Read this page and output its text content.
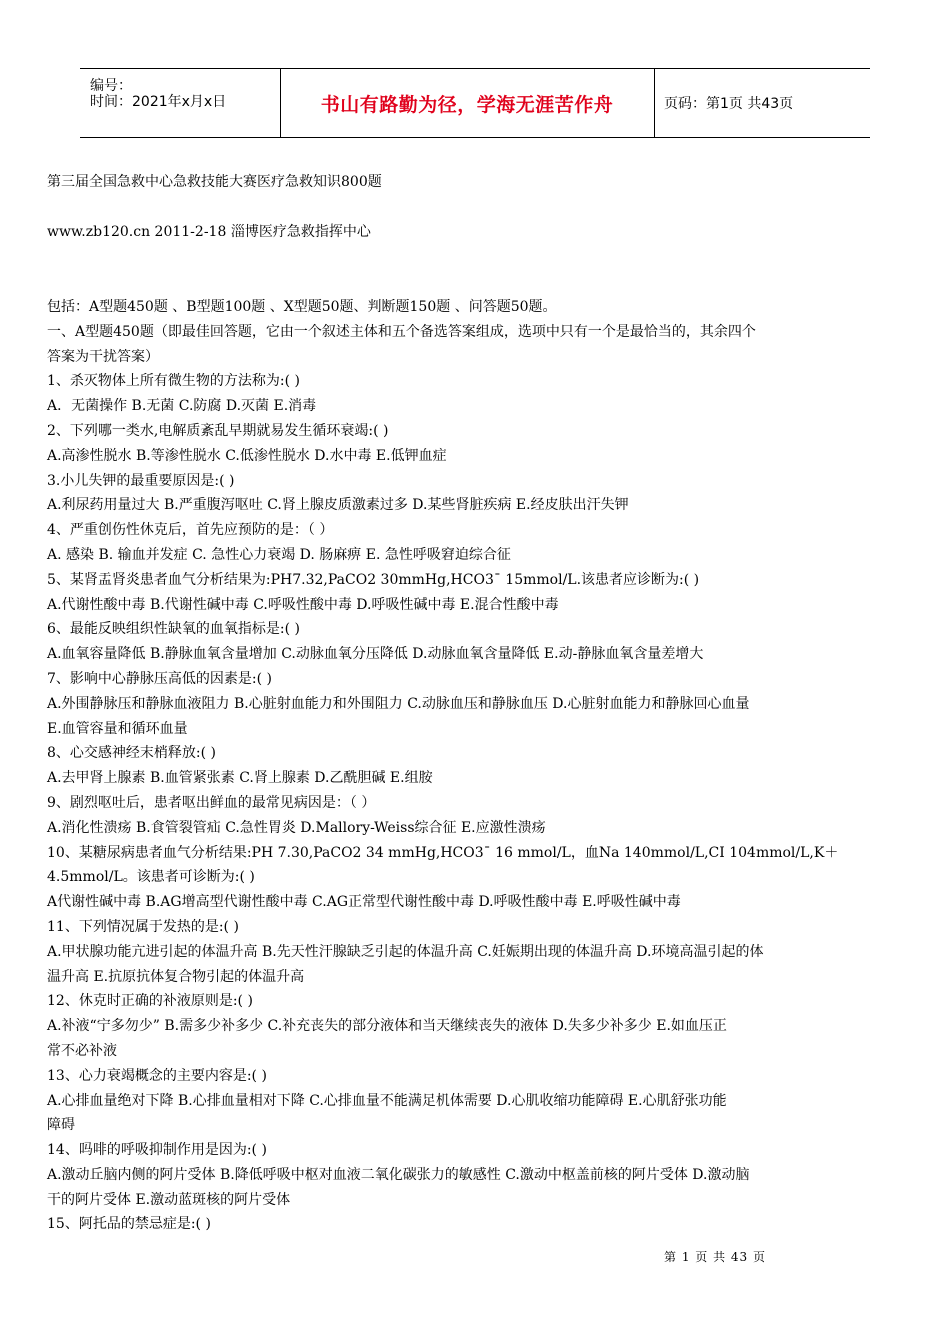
编号：
时间：2021年x月x日	书山有路勤为径，学海无涯苦作舟	页码：第1页 共43页
第三届全国急救中心急救技能大赛医疗急救知识800题
www.zb120.cn 2011-2-18 淄博医疗急救指挥中心

包括：A型题450题 、B型题100题 、X型题50题、判断题150题 、问答题50题。

一、A型题450题（即最佳回答题，它由一个叙述主体和五个备选答案组成，选项中只有一个是最恰当的，其余四个

答案为干扰答案）

1、杀灭物体上所有微生物的方法称为:( )

A．无菌操作 B.无菌 C.防腐 D.灭菌 E.消毒

2、下列哪一类水,电解质紊乱早期就易发生循环衰竭:( )

A.高渗性脱水 B.等渗性脱水 C.低渗性脱水 D.水中毒 E.低钾血症

3.小儿失钾的最重要原因是:( )

A.利尿药用量过大 B.严重腹泻呕吐 C.肾上腺皮质激素过多 D.某些肾脏疾病 E.经皮肤出汗失钾

4、严重创伤性休克后，首先应预防的是：（ ）

A. 感染 B. 输血并发症 C. 急性心力衰竭 D. 肠麻痹 E. 急性呼吸窘迫综合征

5、某肾盂肾炎患者血气分析结果为:PH7.32,PaCO2 30mmHg,HCO3ˉ 15mmol/L.该患者应诊断为:( )

A.代谢性酸中毒 B.代谢性碱中毒 C.呼吸性酸中毒 D.呼吸性碱中毒 E.混合性酸中毒

6、最能反映组织性缺氧的血氧指标是:( )

A.血氧容量降低 B.静脉血氧含量增加 C.动脉血氧分压降低 D.动脉血氧含量降低 E.动-静脉血氧含量差增大

7、影响中心静脉压高低的因素是:( )

A.外围静脉压和静脉血液阻力 B.心脏射血能力和外围阻力 C.动脉血压和静脉血压 D.心脏射血能力和静脉回心血量

E.血管容量和循环血量

8、心交感神经末梢释放:( )

A.去甲肾上腺素 B.血管紧张素 C.肾上腺素 D.乙酰胆碱 E.组胺

9、剧烈呕吐后，患者呕出鲜血的最常见病因是：（ ）

A.消化性溃疡 B.食管裂管疝 C.急性胃炎 D.Mallory-Weiss综合征 E.应激性溃疡

10、某糖尿病患者血气分析结果:PH 7.30,PaCO2 34 mmHg,HCO3ˉ 16 mmol/L，血Na 140mmol/L,CI 104mmol/L,K＋

4.5mmol/L。该患者可诊断为:( )

A代谢性碱中毒 B.AG增高型代谢性酸中毒 C.AG正常型代谢性酸中毒 D.呼吸性酸中毒 E.呼吸性碱中毒

11、下列情况属于发热的是:( )

A.甲状腺功能亢进引起的体温升高 B.先天性汗腺缺乏引起的体温升高 C.妊娠期出现的体温升高 D.环境高温引起的体

温升高 E.抗原抗体复合物引起的体温升高

12、休克时正确的补液原则是:( )

A.补液“宁多勿少” B.需多少补多少 C.补充丧失的部分液体和当天继续丧失的液体 D.失多少补多少 E.如血压正

常不必补液

13、心力衰竭概念的主要内容是:( )

A.心排血量绝对下降 B.心排血量相对下降 C.心排血量不能满足机体需要 D.心肌收缩功能障碍 E.心肌舒张功能

障碍

14、吗啡的呼吸抑制作用是因为:( )

A.激动丘脑内侧的阿片受体 B.降低呼吸中枢对血液二氧化碳张力的敏感性 C.激动中枢盖前核的阿片受体 D.激动脑

干的阿片受体 E.激动蓝斑核的阿片受体

15、阿托品的禁忌症是:( )

第 1 页 共 43 页
